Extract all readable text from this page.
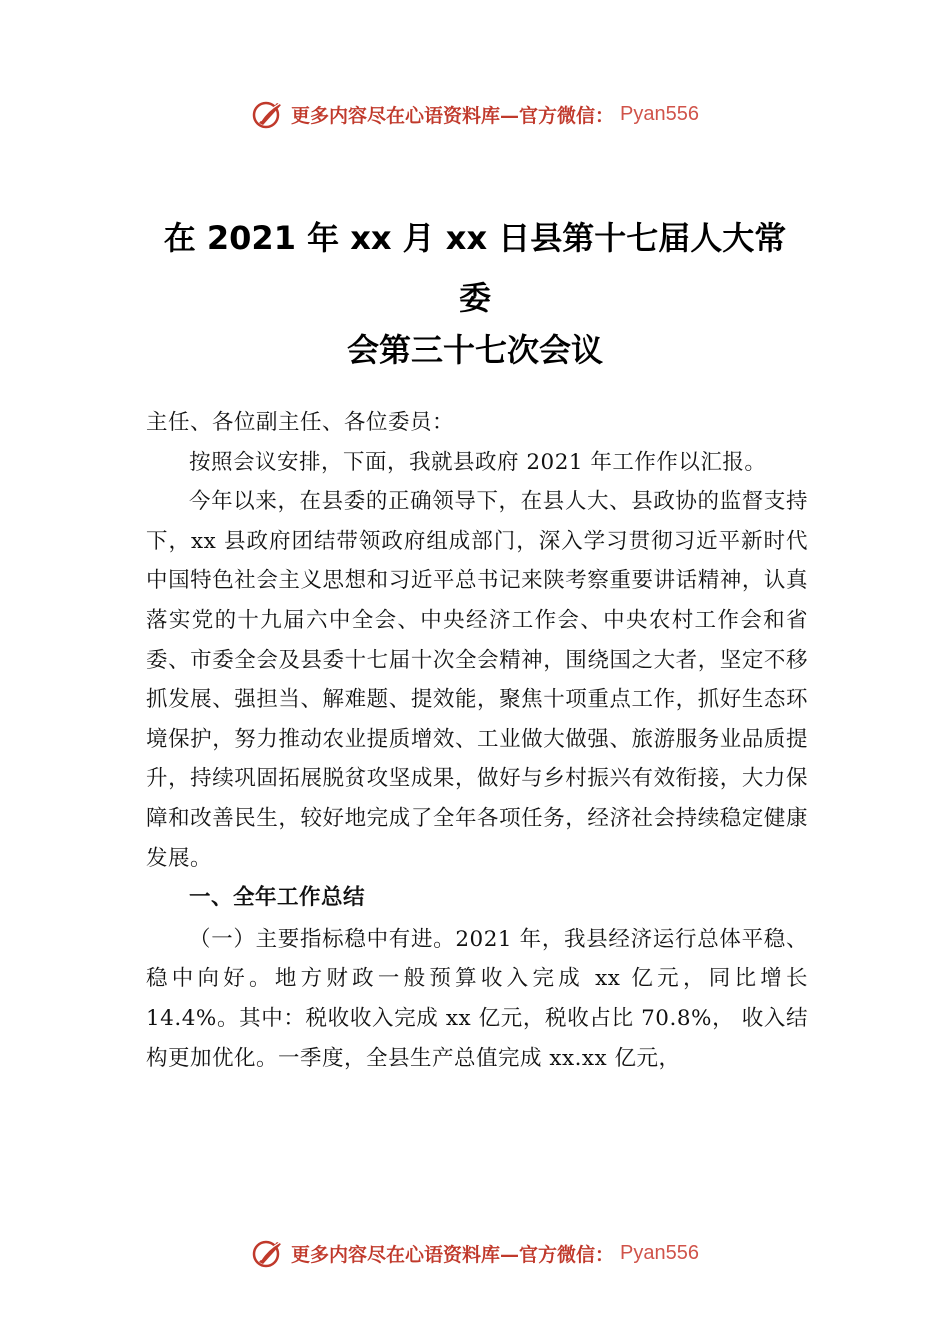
更多内容尽在心语资料库—官方微信： Pyan556
在 2021 年 xx 月 xx 日县第十七届人大常
委
会第三十七次会议

主任、各位副主任、各位委员：

按照会议安排，下面，我就县政府 2021 年工作作以汇报。

今年以来，在县委的正确领导下，在县人大、县政协的监督支持下，xx 县政府团结带领政府组成部门，深入学习贯彻习近平新时代中国特色社会主义思想和习近平总书记来陕考察重要讲话精神，认真落实党的十九届六中全会、中央经济工作会、中央农村工作会和省委、市委全会及县委十七届十次全会精神，围绕国之大者，坚定不移抓发展、强担当、解难题、提效能，聚焦十项重点工作，抓好生态环境保护，努力推动农业提质增效、工业做大做强、旅游服务业品质提升，持续巩固拓展脱贫攻坚成果，做好与乡村振兴有效衔接，大力保障和改善民生，较好地完成了全年各项任务，经济社会持续稳定健康发展。

一、全年工作总结

（一）主要指标稳中有进。2021 年，我县经济运行总体平稳、稳中向好。地方财政一般预算收入完成 xx 亿元，同比增长 14.4%。其中：税收收入完成 xx 亿元，税收占比 70.8%， 收入结构更加优化。一季度，全县生产总值完成 xx.xx 亿元，

更多内容尽在心语资料库—官方微信： Pyan556
